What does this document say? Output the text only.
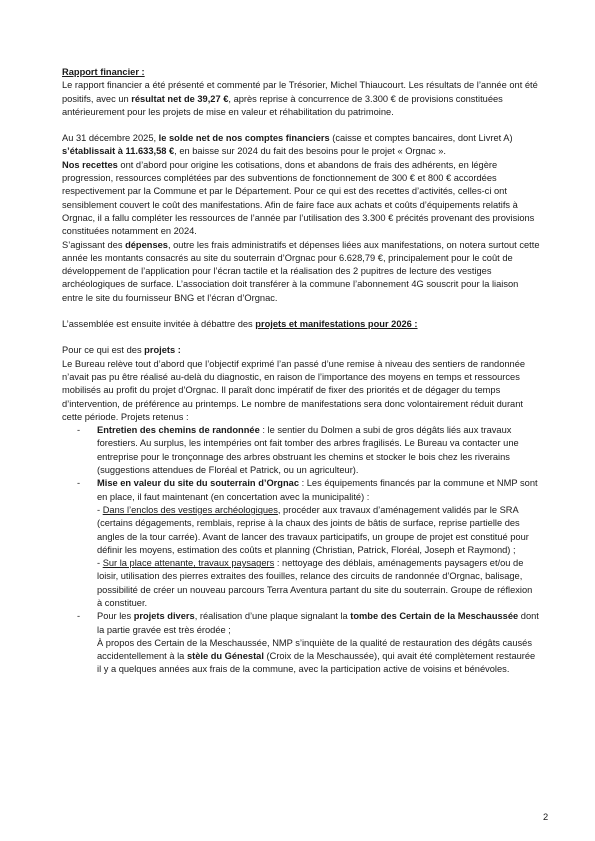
Rapport financier :

Le rapport financier a été présenté et commenté par le Trésorier, Michel Thiaucourt. Les résultats de l’année ont été positifs, avec un résultat net de 39,27 €, après reprise à concurrence de 3.300 € de provisions constituées antérieurement pour les projets de mise en valeur et réhabilitation du patrimoine.

Au 31 décembre 2025, le solde net de nos comptes financiers (caisse et comptes bancaires, dont Livret A) s’établissait à 11.633,58 €, en baisse sur 2024 du fait des besoins pour le projet « Orgnac ».

Nos recettes ont d’abord pour origine les cotisations, dons et abandons de frais des adhérents, en légère progression, ressources complétées par des subventions de fonctionnement de 300 € et 800 € accordées respectivement par la Commune et par le Département. Pour ce qui est des recettes d’activités, celles-ci ont sensiblement couvert le coût des manifestations. Afin de faire face aux achats et coûts d’équipements relatifs à Orgnac, il a fallu compléter les ressources de l’année par l’utilisation des 3.300 € précités provenant des provisions constituées notamment en 2024.

S’agissant des dépenses, outre les frais administratifs et dépenses liées aux manifestations, on notera surtout cette année les montants consacrés au site du souterrain d’Orgnac pour 6.628,79 €, principalement pour le coût de développement de l’application pour l’écran tactile et la réalisation des 2 pupitres de lecture des vestiges archéologiques de surface. L’association doit transférer à la commune l’abonnement 4G souscrit pour la liaison entre le site du fournisseur BNG et l’écran d’Orgnac.

L’assemblée est ensuite invitée à débattre des projets et manifestations pour 2026 :

Pour ce qui est des projets :

Le Bureau relève tout d’abord que l’objectif exprimé l’an passé d’une remise à niveau des sentiers de randonnée n’avait pas pu être réalisé au-delà du diagnostic, en raison de l’importance des moyens en temps et ressources mobilisés au profit du projet d’Orgnac. Il paraît donc impératif de fixer des priorités et de dégager du temps d’intervention, de préférence au printemps. Le nombre de manifestations sera donc volontairement réduit durant cette période. Projets retenus :

- Entretien des chemins de randonnée : le sentier du Dolmen a subi de gros dégâts liés aux travaux forestiers. Au surplus, les intempéries ont fait tomber des arbres fragilisés. Le Bureau va contacter une entreprise pour le tronçonnage des arbres obstruant les chemins et stocker le bois chez les riverains (suggestions attendues de Floréal et Patrick, ou un agriculteur).
- Mise en valeur du site du souterrain d’Orgnac : Les équipements financés par la commune et NMP sont en place, il faut maintenant (en concertation avec la municipalité) :

- Dans l’enclos des vestiges archéologiques, procéder aux travaux d’aménagement validés par le SRA (certains dégagements, remblais, reprise à la chaux des joints de bâtis de surface, reprise partielle des angles de la tour carrée). Avant de lancer des travaux participatifs, un groupe de projet est constitué pour définir les moyens, estimation des coûts et planning (Christian, Patrick, Floréal, Joseph et Raymond) ;

- Sur la place attenante, travaux paysagers : nettoyage des déblais, aménagements paysagers et/ou de loisir, utilisation des pierres extraites des fouilles, relance des circuits de randonnée d’Orgnac, balisage, possibilité de créer un nouveau parcours Terra Aventura partant du site du souterrain. Groupe de réflexion à constituer.

- Pour les projets divers, réalisation d’une plaque signalant la tombe des Certain de la Meschaussée dont la partie gravée est très érodée ;

À propos des Certain de la Meschaussée, NMP s’inquiète de la qualité de restauration des dégâts causés accidentellement à la stèle du Génestal (Croix de la Meschaussée), qui avait été complètement restaurée il y a quelques années aux frais de la commune, avec la participation active de voisins et bénévoles.

2
